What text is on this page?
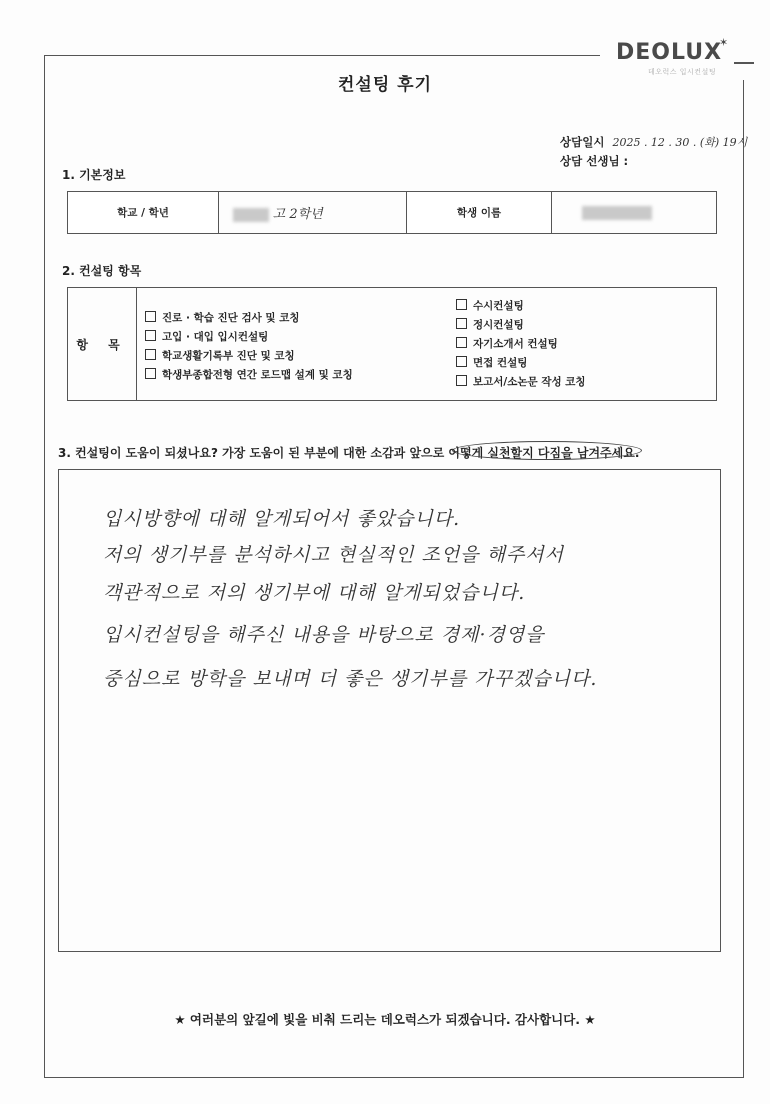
DEOLUX
✶
데오럭스 입시컨설팅
컨설팅 후기
상담일시 2025 . 12 . 30 . (화) 19시
상담 선생님 :
1. 기본정보
학교 / 학년	고 2학년	학생 이름	
2. 컨설팅 항목
항 목	
진로 · 학습 진단 검사 및 코칭
고입 · 대입 입시컨설팅
학교생활기록부 진단 및 코칭
학생부종합전형 연간 로드맵 설계 및 코칭
수시컨설팅
정시컨설팅
자기소개서 컨설팅
면접 컨설팅
보고서/소논문 작성 코칭
3. 컨설팅이 도움이 되셨나요? 가장 도움이 된 부분에 대한 소감과 앞으로 어떻게 실천할지 다짐을 남겨주세요.
입시방향에 대해 알게되어서 좋았습니다.
저의 생기부를 분석하시고 현실적인 조언을 해주셔서
객관적으로 저의 생기부에 대해 알게되었습니다.
입시컨설팅을 해주신 내용을 바탕으로 경제·경영을
중심으로 방학을 보내며 더 좋은 생기부를 가꾸겠습니다.
★ 여러분의 앞길에 빛을 비춰 드리는 데오럭스가 되겠습니다. 감사합니다. ★
